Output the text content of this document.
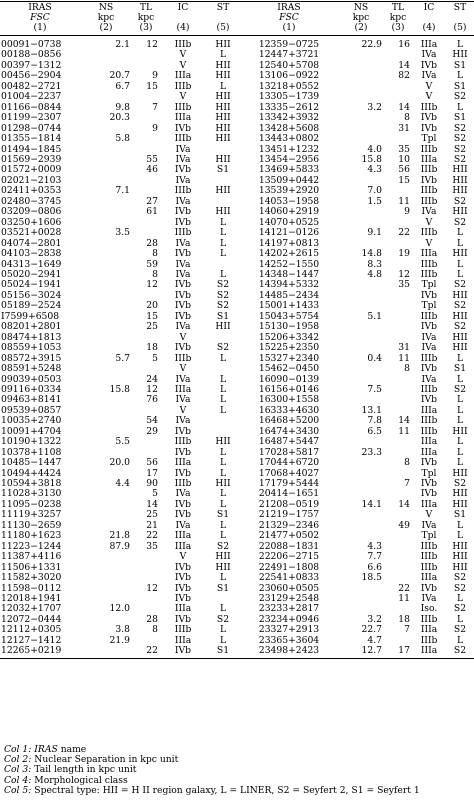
IRAS	NS	TL	IC	ST	IRAS	NS	TL	IC	ST
FSC	kpc	kpc			FSC	kpc	kpc		
(1)	(2)	(3)	(4)	(5)	(1)	(2)	(3)	(4)	(5)
00091−0738	2.1	12	IIIb	HII	12359−0725	22.9	16	IIIa	L
00188−0856			V	L	12447+3721			IVa	HII
00397−1312			V	HII	12540+5708		14	IVb	S1
00456−2904	20.7	9	IIIa	HII	13106−0922		82	IVa	L
00482−2721	6.7	15	IIIb	L	13218+0552			V	S1
01004−2237			V	HII	13305−1739			V	S2
01166−0844	9.8	7	IIIb	HII	13335−2612	3.2	14	IIIb	L
01199−2307	20.3		IIIa	HII	13342+3932		8	IVb	S1
01298−0744		9	IVb	HII	13428+5608		31	IVb	S2
01355−1814	5.8		IIIb	HII	13443+0802			Tpl	S2
01494−1845			IVa		13451+1232	4.0	35	IIIb	S2
01569−2939		55	IVa	HII	13454−2956	15.8	10	IIIa	S2
01572+0009		46	IVb	S1	13469+5833	4.3	56	IIIb	HII
02021−2103			IVa		13509+0442		15	IVb	HII
02411+0353	7.1		IIIb	HII	13539+2920	7.0		IIIb	HII
02480−3745		27	IVa		14053−1958	1.5	11	IIIb	S2
03209−0806		61	IVb	HII	14060+2919		9	IVa	HII
03250+1606			IVb	L	14070+0525			V	S2
03521+0028	3.5		IIIb	L	14121−0126	9.1	22	IIIb	L
04074−2801		28	IVa	L	14197+0813			V	L
04103−2838		8	IVb	L	14202+2615	14.8	19	IIIa	HII
04313−1649		59	IVa		14252−1550	8.3		IIIb	L
05020−2941		8	IVa	L	14348−1447	4.8	12	IIIb	L
05024−1941		12	IVb	S2	14394+5332		35	Tpl	S2
05156−3024			IVb	S2	14485−2434			IVb	HII
05189−2524		20	IVb	S2	15001+1433			Tpl	S2
I7599+6508		15	IVb	S1	15043+5754	5.1		IIIb	HII
08201+2801		25	IVa	HII	15130−1958			IVb	S2
08474+1813			V		15206+3342			IVa	HII
08559+1053		18	IVb	S2	15225+2350		31	IVa	HII
08572+3915	5.7	5	IIIb	L	15327+2340	0.4	11	IIIb	L
08591+5248			V		15462−0450		8	IVb	S1
09039+0503		24	IVa	L	16090−0139			IVa	L
09116+0334	15.8	12	IIIa	L	16156+0146	7.5		IIIb	S2
09463+8141		76	IVa	L	16300+1558			IVb	L
09539+0857			V	L	16333+4630	13.1		IIIa	L
10035+2740		54	IVa		16468+5200	7.8	14	IIIb	L
10091+4704		29	IVb		16474+3430	6.5	11	IIIb	HII
10190+1322	5.5		IIIb	HII	16487+5447			IIIa	L
10378+1108			IVb	L	17028+5817	23.3		IIIa	L
10485−1447	20.0	56	IIIa	L	17044+6720		8	IVb	L
10494+4424		17	IVb	L	17068+4027			Tpl	HII
10594+3818	4.4	90	IIIb	HII	17179+5444		7	IVb	S2
11028+3130		5	IVa	L	20414−1651			IVb	HII
11095−0238		14	IVb	L	21208−0519	14.1	14	IIIa	HII
11119+3257		25	IVb	S1	21219−1757			V	S1
11130−2659		21	IVa	L	21329−2346		49	IVa	L
11180+1623	21.8	22	IIIa	L	21477+0502			Tpl	L
11223−1244	87.9	35	IIIa	S2	22088−1831	4.3		IIIb	HII
11387+4116			V	HII	22206−2715	7.7		IIIb	HII
11506+1331			IVb	HII	22491−1808	6.6		IIIb	HII
11582+3020			IVb	L	22541+0833	18.5		IIIa	S2
11598−0112		12	IVb	S1	23060+0505		22	IVb	S2
12018+1941			IVb		23129+2548		11	IVa	L
12032+1707	12.0		IIIa	L	23233+2817			Iso.	S2
12072−0444		28	IVb	S2	23234+0946	3.2	18	IIIb	L
12112+0305	3.8	8	IIIb	L	23327+2913	22.7	7	IIIa	S2
12127−1412	21.9		IIIa	L	23365+3604	4.7		IIIb	L
12265+0219		22	IVb	S1	23498+2423	12.7	17	IIIa	S2
Col 1: IRAS name
Col 2: Nuclear Separation in kpc unit
Col 3: Tail length in kpc unit
Col 4: Morphological class
Col 5: Spectral type: HII = H II region galaxy, L = LINER, S2 = Seyfert 2, S1 = Seyfert 1
